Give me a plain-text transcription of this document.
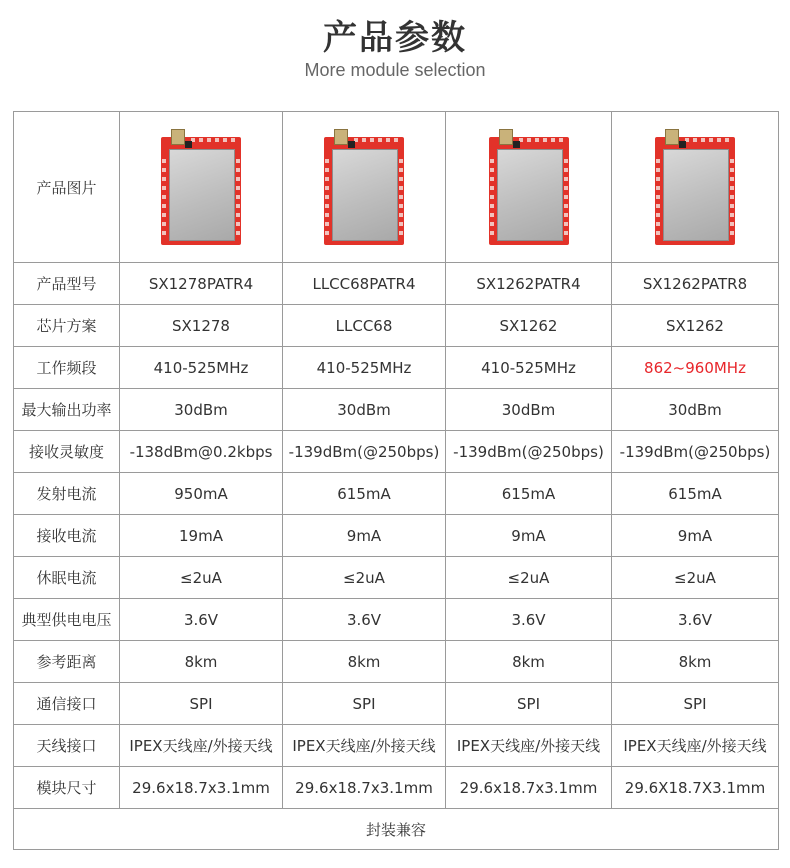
产品参数
More module selection
产品图片	

产品型号	SX1278PATR4	LLCC68PATR4	SX1262PATR4	SX1262PATR8
芯片方案	SX1278	LLCC68	SX1262	SX1262
工作频段	410-525MHz	410-525MHz	410-525MHz	862~960MHz
最大输出功率	30dBm	30dBm	30dBm	30dBm
接收灵敏度	-138dBm@0.2kbps	-139dBm(@250bps)	-139dBm(@250bps)	-139dBm(@250bps)
发射电流	950mA	615mA	615mA	615mA
接收电流	19mA	9mA	9mA	9mA
休眠电流	≤2uA	≤2uA	≤2uA	≤2uA
典型供电电压	3.6V	3.6V	3.6V	3.6V
参考距离	8km	8km	8km	8km
通信接口	SPI	SPI	SPI	SPI
天线接口	IPEX天线座/外接天线	IPEX天线座/外接天线	IPEX天线座/外接天线	IPEX天线座/外接天线
模块尺寸	29.6x18.7x3.1mm	29.6x18.7x3.1mm	29.6x18.7x3.1mm	29.6X18.7X3.1mm
封装兼容				
